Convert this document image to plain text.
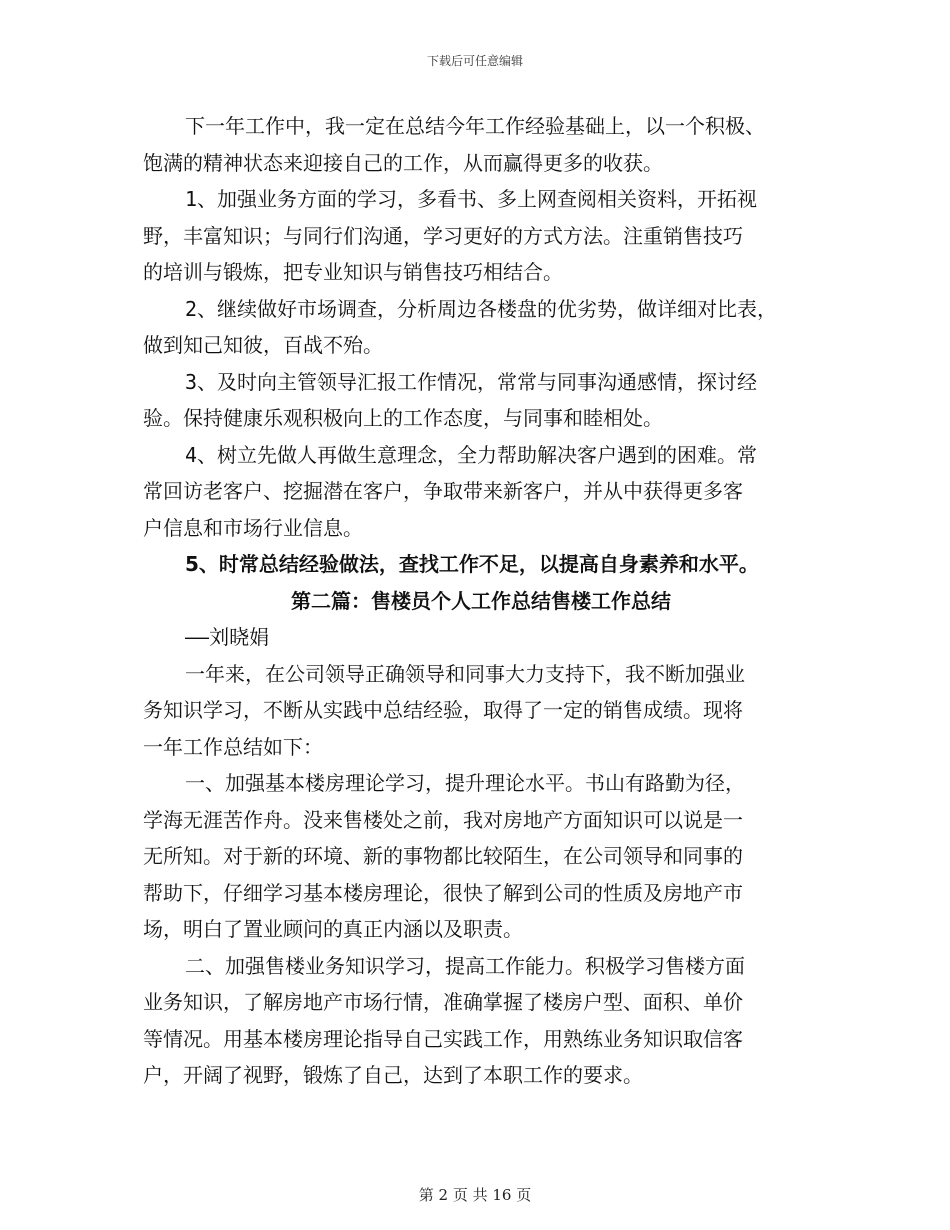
下载后可任意编辑
下一年工作中，我一定在总结今年工作经验基础上，以一个积极、
饱满的精神状态来迎接自己的工作，从而赢得更多的收获。
1、加强业务方面的学习，多看书、多上网查阅相关资料，开拓视
野，丰富知识；与同行们沟通，学习更好的方式方法。注重销售技巧
的培训与锻炼，把专业知识与销售技巧相结合。
2、继续做好市场调查，分析周边各楼盘的优劣势，做详细对比表，
做到知己知彼，百战不殆。
3、及时向主管领导汇报工作情况，常常与同事沟通感情，探讨经
验。保持健康乐观积极向上的工作态度，与同事和睦相处。
4、树立先做人再做生意理念，全力帮助解决客户遇到的困难。常
常回访老客户、挖掘潜在客户，争取带来新客户，并从中获得更多客
户信息和市场行业信息。
5、时常总结经验做法，查找工作不足，以提高自身素养和水平。
第二篇：售楼员个人工作总结售楼工作总结
——刘晓娟
一年来，在公司领导正确领导和同事大力支持下，我不断加强业
务知识学习，不断从实践中总结经验，取得了一定的销售成绩。现将
一年工作总结如下：
一、加强基本楼房理论学习，提升理论水平。书山有路勤为径，
学海无涯苦作舟。没来售楼处之前，我对房地产方面知识可以说是一
无所知。对于新的环境、新的事物都比较陌生，在公司领导和同事的
帮助下，仔细学习基本楼房理论，很快了解到公司的性质及房地产市
场，明白了置业顾问的真正内涵以及职责。
二、加强售楼业务知识学习，提高工作能力。积极学习售楼方面
业务知识，了解房地产市场行情，准确掌握了楼房户型、面积、单价
等情况。用基本楼房理论指导自己实践工作，用熟练业务知识取信客
户，开阔了视野，锻炼了自己，达到了本职工作的要求。
第 2 页 共 16 页
